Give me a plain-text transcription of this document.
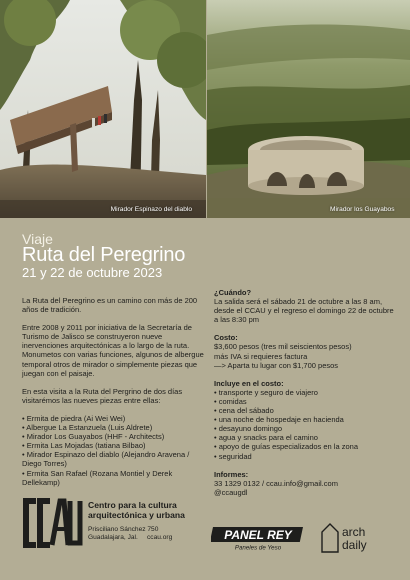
Mirador Espinazo del diablo	Mirador los Guayabos
Viaje
Ruta del Peregrino
21 y 22 de octubre 2023

La Ruta del Peregrino es un camino con más de 200 años de tradición.

Entre 2008 y 2011 por iniciativa de la Secretaría de Turismo de Jalisco se construyeron nueve inervenciones arquitectónicas a lo largo de la ruta. Monumetos con varias funciones, algunos de albergue temporal otros de mirador o simplemente piezas que juegan con el paisaje.

En esta visita a la Ruta del Pergrino de dos días visitarémos las nueves piezas entre ellas:

• Ermita de piedra (Ai Wei Wei)
• Albergue La Estanzuela (Luis Aldrete)
• Mirador Los Guayabos (HHF - Architects)
• Ermita Las Mojadas (tatiana Bilbao)
• Mirador Espinazo del diablo (Alejandro Aravena / Diego Torres)
• Ermita San Rafael (Rozana Montiel y Derek Dellekamp)
¿Cuándo?
La salida será el sábado 21 de octubre a las 8 am, desde el CCAU y el regreso el domingo 22 de octubre a las 8:30 pm
Costo:
$3,600 pesos (tres mil seiscientos pesos)
más IVA si requieres factura
—> Aparta tu lugar con $1,700 pesos
Incluye en el costo:
• transporte y seguro de viajero
• comidas
• cena del sábado
• una noche de hospedaje en hacienda
• desayuno domingo
• agua y snacks para el camino
• apoyo de guías especializados en la zona
• seguridad
Informes:
33 1329 0132 / ccau.info@gmail.com
@ccaugdl
Centro para la cultura arquitectónica y urbana
Prisciliano Sánchez 750
Guadalajara, Jal.     ccau.org	PANEL REY
Paneles de Yeso
arch
daily
